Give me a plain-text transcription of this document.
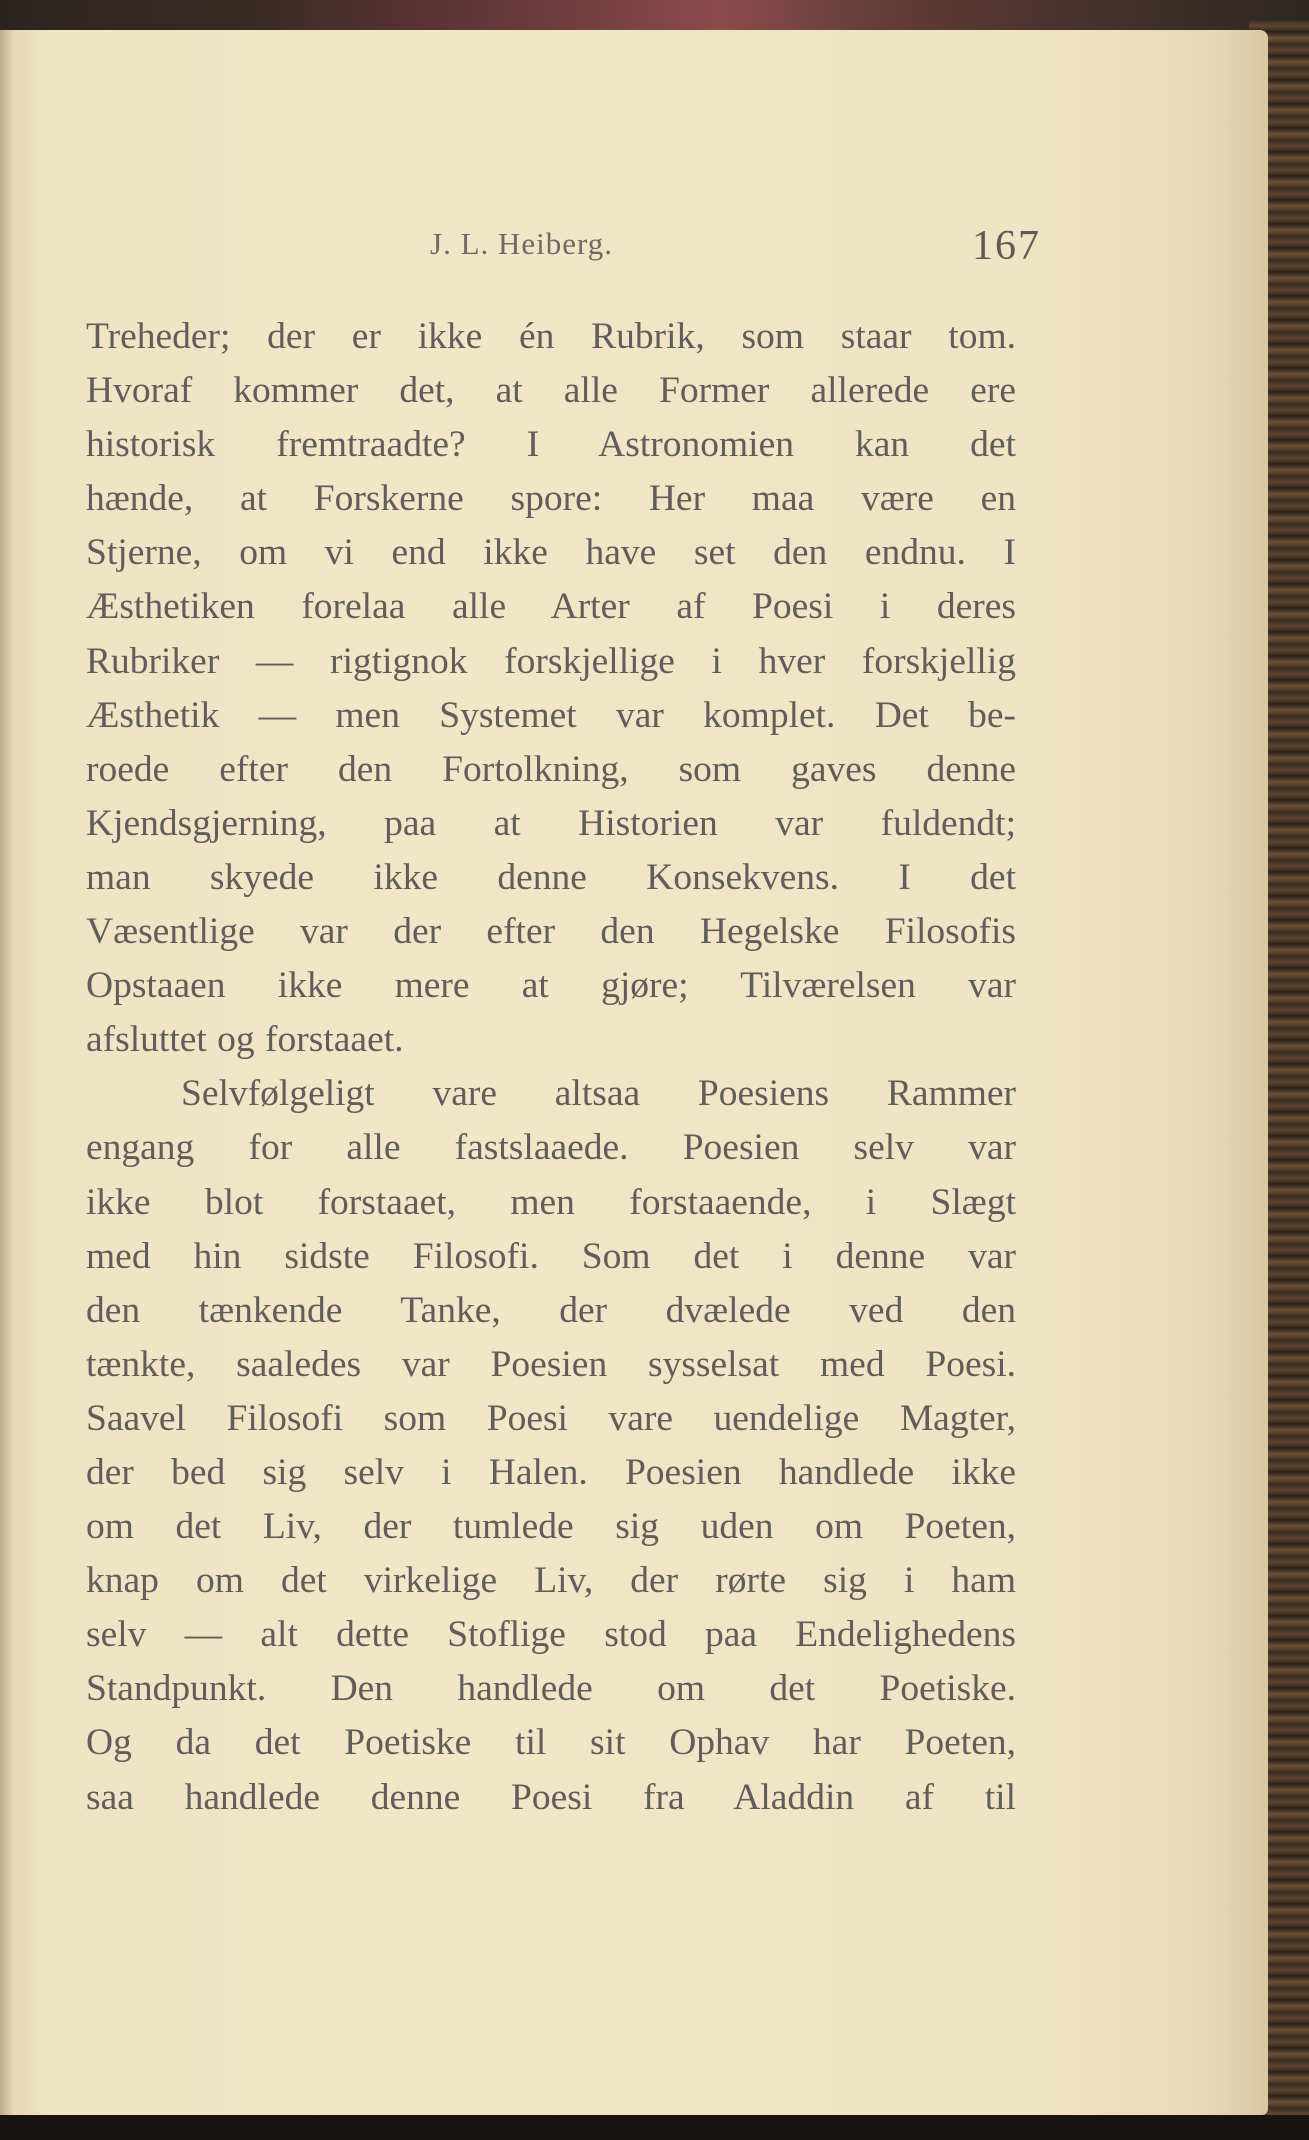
J. L. Heiberg.	167
Treheder; der er ikke én Rubrik, som staar tom.
Hvoraf kommer det, at alle Former allerede ere
historisk fremtraadte? I Astronomien kan det
hænde, at Forskerne spore: Her maa være en
Stjerne, om vi end ikke have set den endnu. I
Æsthetiken forelaa alle Arter af Poesi i deres
Rubriker — rigtignok forskjellige i hver forskjellig
Æsthetik — men Systemet var komplet. Det be-
roede efter den Fortolkning, som gaves denne
Kjendsgjerning, paa at Historien var fuldendt;
man skyede ikke denne Konsekvens. I det
Væsentlige var der efter den Hegelske Filosofis
Opstaaen ikke mere at gjøre; Tilværelsen var
afsluttet og forstaaet.
Selvfølgeligt vare altsaa Poesiens Rammer
engang for alle fastslaaede. Poesien selv var
ikke blot forstaaet, men forstaaende, i Slægt
med hin sidste Filosofi. Som det i denne var
den tænkende Tanke, der dvælede ved den
tænkte, saaledes var Poesien sysselsat med Poesi.
Saavel Filosofi som Poesi vare uendelige Magter,
der bed sig selv i Halen. Poesien handlede ikke
om det Liv, der tumlede sig uden om Poeten,
knap om det virkelige Liv, der rørte sig i ham
selv — alt dette Stoflige stod paa Endelighedens
Standpunkt. Den handlede om det Poetiske.
Og da det Poetiske til sit Ophav har Poeten,
saa handlede denne Poesi fra Aladdin af til
